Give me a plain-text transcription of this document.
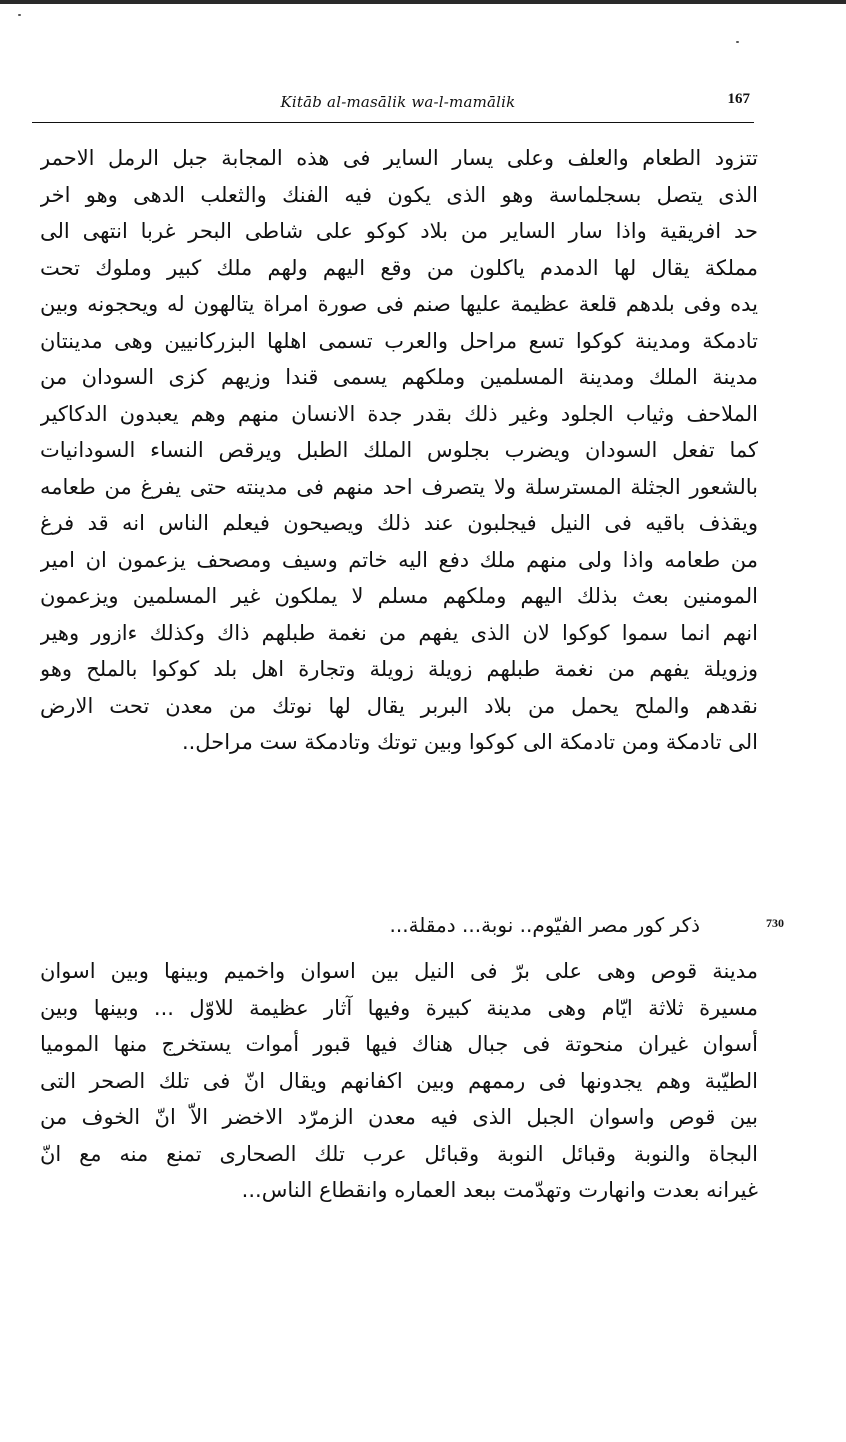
Kitāb al-masālik wa-l-mamālik	167
تتزود الطعام والعلف وعلى يسار السایر فی هذه المجابة جبل الرمل الاحمر
الذی یتصل بسجلماسة وهو الذی یکون فیه الفنك والثعلب الدهی وهو اخر
حد افریقیة واذا سار السایر من بلاد کوکو علی شاطی البحر غربا انتهی الی
مملکة یقال لها الدمدم یاکلون من وقع الیهم ولهم ملك کبیر وملوك تحت
یده وفی بلدهم قلعة عظیمة علیها صنم فی صورة امراة یتالهون له ویحجونه وبین
تادمکة ومدینة کوکوا تسع مراحل والعرب تسمی اهلها البزرکانیین وهی مدینتان
مدینة الملك ومدینة المسلمین وملکهم یسمی قندا وزیهم کزی السودان من
الملاحف وثیاب الجلود وغیر ذلك بقدر جدة الانسان منهم وهم یعبدون الدکاکیر
کما تفعل السودان ویضرب بجلوس الملك الطبل ویرقص النساء السودانیات
بالشعور الجثلة المسترسلة ولا یتصرف احد منهم فی مدینته حتی یفرغ من طعامه
ویقذف باقیه فی النیل فیجلبون عند ذلك ویصیحون فیعلم الناس انه قد فرغ
من طعامه واذا ولی منهم ملك دفع الیه خاتم وسیف ومصحف یزعمون ان امیر
المومنین بعث بذلك الیهم وملکهم مسلم لا یملکون غیر المسلمین ویزعمون
انهم انما سموا کوکوا لان الذی یفهم من نغمة طبلهم ذاك وکذلك ءازور وهیر
وزویلة یفهم من نغمة طبلهم زویلة زویلة وتجارة اهل بلد کوکوا بالملح وهو
نقدهم والملح یحمل من بلاد البربر یقال لها نوتك من معدن تحت الارض
الی تادمکة ومن تادمکة الی کوکوا وبین توتك وتادمکة ست مراحل..
730
ذكر كور مصر الفيّوم.. نوبة... دمقلة...
مدینة قوص وهی علی برّ فی النیل بین اسوان واخمیم وبینها وبین اسوان
مسیرة ثلاثة ایّام وهی مدینة کبیرة وفیها آثار عظیمة للاوّل ... وبینها وبین
أسوان غیران منحوتة فی جبال هناك فیها قبور أموات یستخرج منها المومیا
الطیّبة وهم یجدونها فی رممهم وبین اکفانهم ویقال انّ فی تلك الصحر التی
بین قوص واسوان الجبل الذی فیه معدن الزمرّد الاخضر الاّ انّ الخوف من
البجاة والنوبة وقبائل النوبة وقبائل عرب تلك الصحاری تمنع منه مع انّ
غیرانه بعدت وانهارت وتهدّمت ببعد العماره وانقطاع الناس...
